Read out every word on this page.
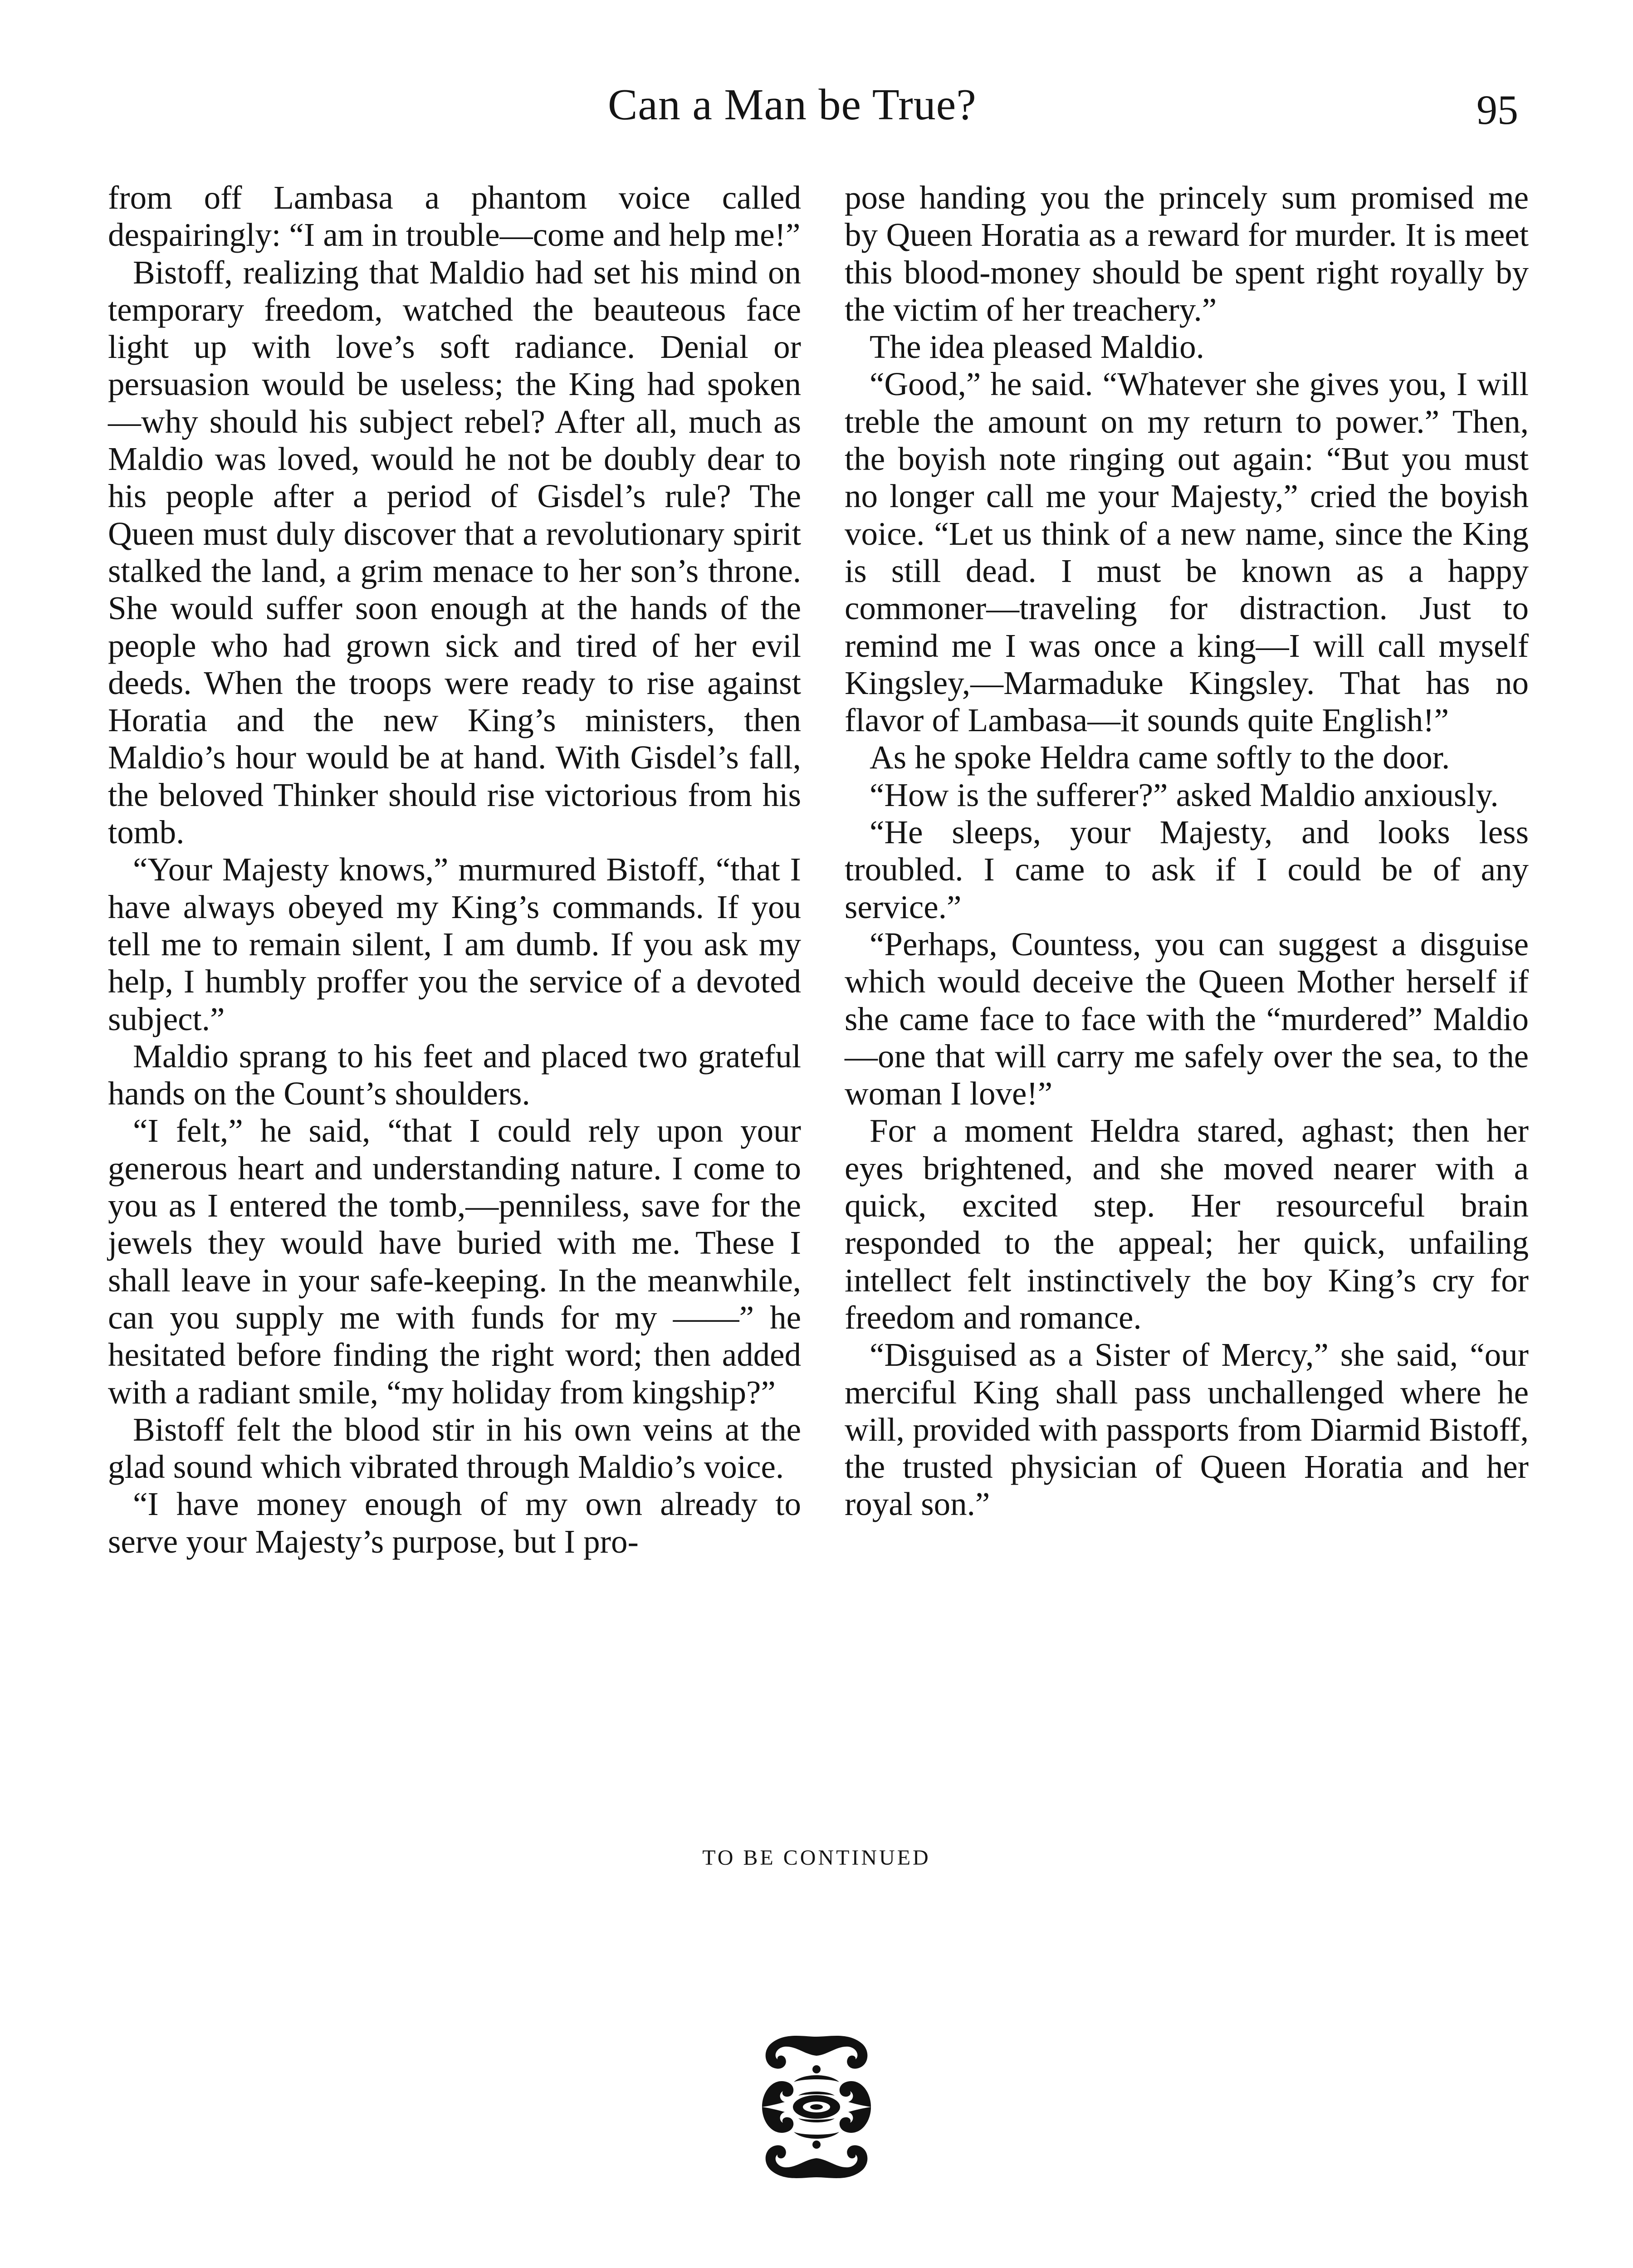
Can a Man be True?	95

from off Lambasa a phantom voice called despairingly: “I am in trouble—come and help me!”

Bistoff, realizing that Maldio had set his mind on temporary freedom, watched the beauteous face light up with love’s soft radiance. Denial or persuasion would be useless; the King had spoken—why should his subject rebel? After all, much as Maldio was loved, would he not be doubly dear to his people after a period of Gisdel’s rule? The Queen must duly discover that a revolutionary spirit stalked the land, a grim menace to her son’s throne. She would suffer soon enough at the hands of the people who had grown sick and tired of her evil deeds. When the troops were ready to rise against Horatia and the new King’s ministers, then Maldio’s hour would be at hand. With Gisdel’s fall, the beloved Thinker should rise victorious from his tomb.

“Your Majesty knows,” murmured Bistoff, “that I have always obeyed my King’s commands. If you tell me to remain silent, I am dumb. If you ask my help, I humbly proffer you the service of a devoted subject.”

Maldio sprang to his feet and placed two grateful hands on the Count’s shoulders.

“I felt,” he said, “that I could rely upon your generous heart and understanding nature. I come to you as I entered the tomb,—penniless, save for the jewels they would have buried with me. These I shall leave in your safe-keeping. In the meanwhile, can you supply me with funds for my ——” he hesitated before finding the right word; then added with a radiant smile, “my holiday from kingship?”

Bistoff felt the blood stir in his own veins at the glad sound which vibrated through Maldio’s voice.

“I have money enough of my own already to serve your Majesty’s purpose, but I pro-

pose handing you the princely sum promised me by Queen Horatia as a reward for murder. It is meet this blood-money should be spent right royally by the victim of her treachery.”

The idea pleased Maldio.

“Good,” he said. “Whatever she gives you, I will treble the amount on my return to power.” Then, the boyish note ringing out again: “But you must no longer call me your Majesty,” cried the boyish voice. “Let us think of a new name, since the King is still dead. I must be known as a happy commoner—traveling for distraction. Just to remind me I was once a king—I will call myself Kingsley,—Marmaduke Kingsley. That has no flavor of Lambasa—it sounds quite English!”

As he spoke Heldra came softly to the door.

“How is the sufferer?” asked Maldio anxiously.

“He sleeps, your Majesty, and looks less troubled. I came to ask if I could be of any service.”

“Perhaps, Countess, you can suggest a disguise which would deceive the Queen Mother herself if she came face to face with the “murdered” Maldio—one that will carry me safely over the sea, to the woman I love!”

For a moment Heldra stared, aghast; then her eyes brightened, and she moved nearer with a quick, excited step. Her resourceful brain responded to the appeal; her quick, unfailing intellect felt instinctively the boy King’s cry for freedom and romance.

“Disguised as a Sister of Mercy,” she said, “our merciful King shall pass unchallenged where he will, provided with passports from Diarmid Bistoff, the trusted physician of Queen Horatia and her royal son.”

TO BE CONTINUED
